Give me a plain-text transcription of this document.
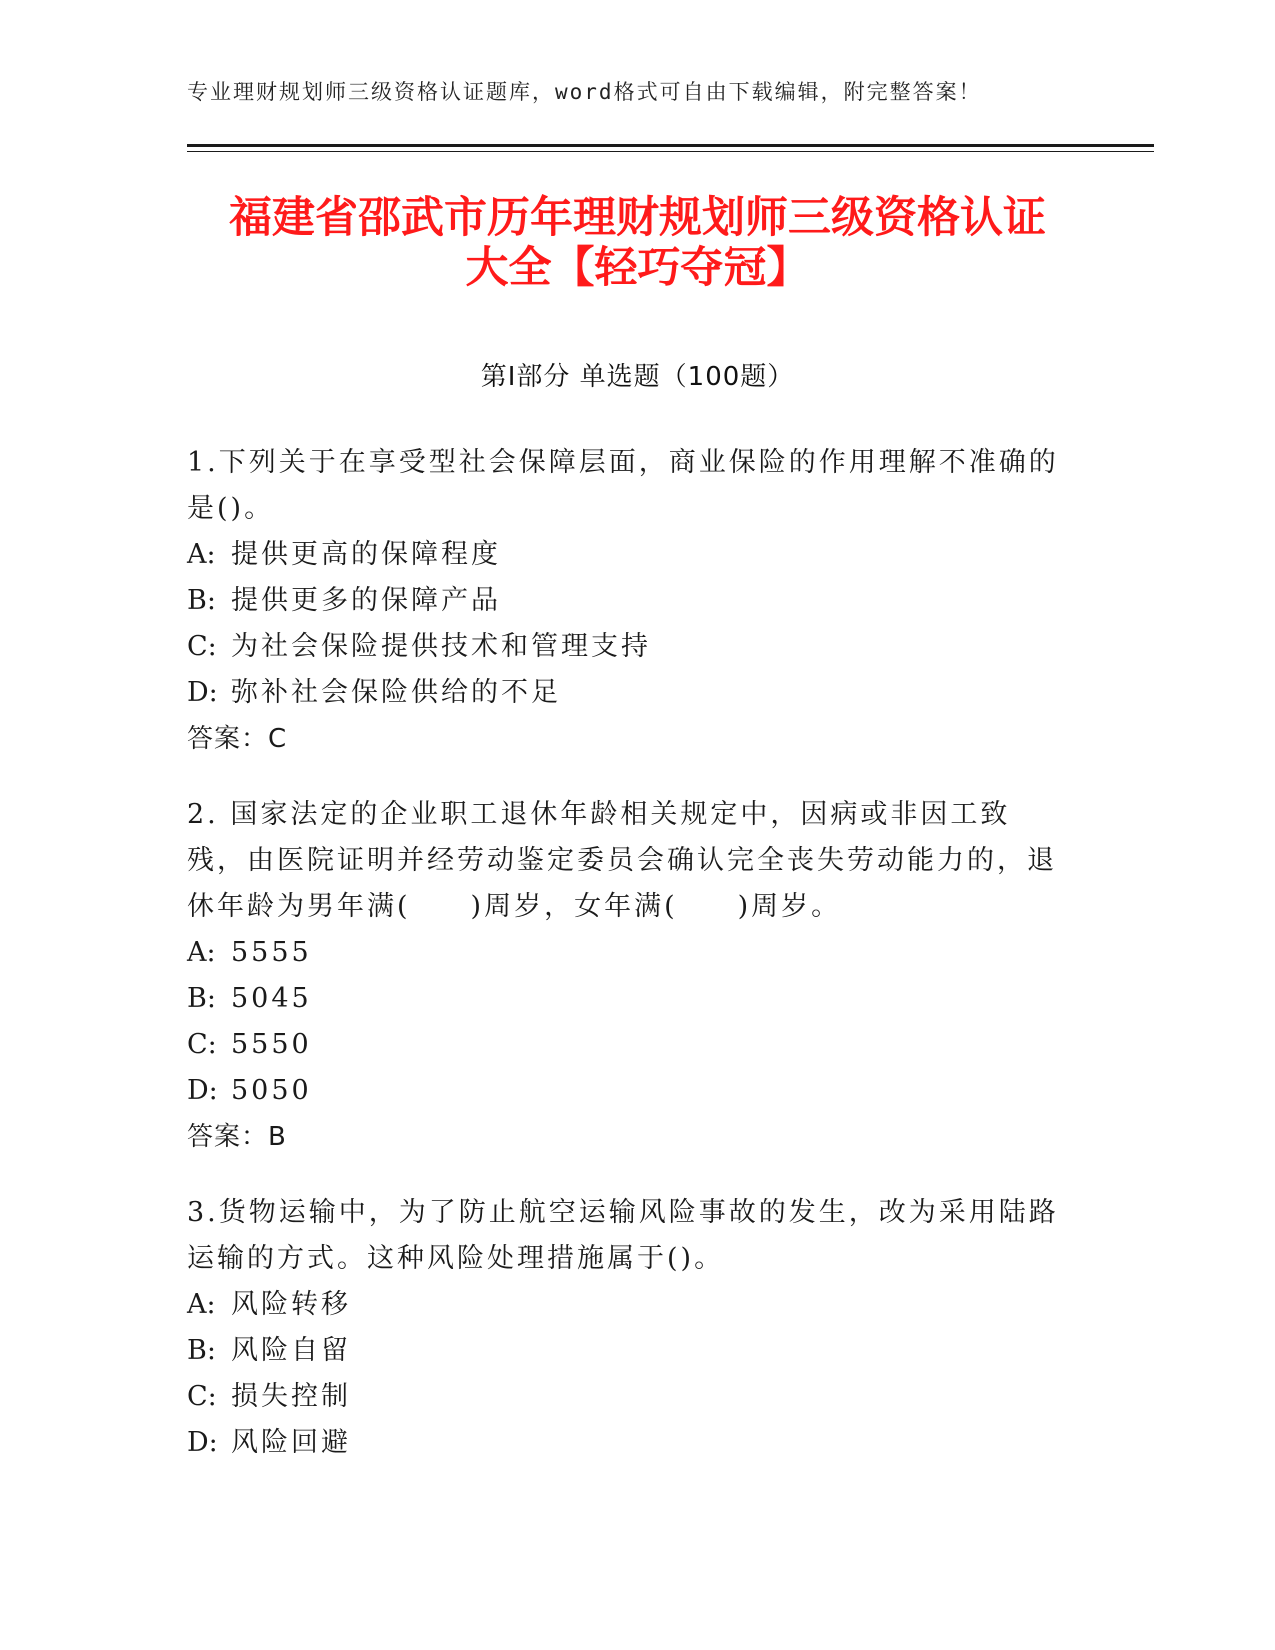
专业理财规划师三级资格认证题库，word格式可自由下载编辑，附完整答案！
福建省邵武市历年理财规划师三级资格认证
大全【轻巧夺冠】
第Ⅰ部分 单选题（100题）

1.下列关于在享受型社会保障层面，商业保险的作用理解不准确的是()。

A: 提供更高的保障程度

B: 提供更多的保障产品

C: 为社会保险提供技术和管理支持

D: 弥补社会保险供给的不足

答案：C

2. 国家法定的企业职工退休年龄相关规定中，因病或非因工致残，由医院证明并经劳动鉴定委员会确认完全丧失劳动能力的，退休年龄为男年满(　　)周岁，女年满(　　)周岁。

A: 5555

B: 5045

C: 5550

D: 5050

答案：B

3.货物运输中，为了防止航空运输风险事故的发生，改为采用陆路运输的方式。这种风险处理措施属于()。

A: 风险转移

B: 风险自留

C: 损失控制

D: 风险回避
